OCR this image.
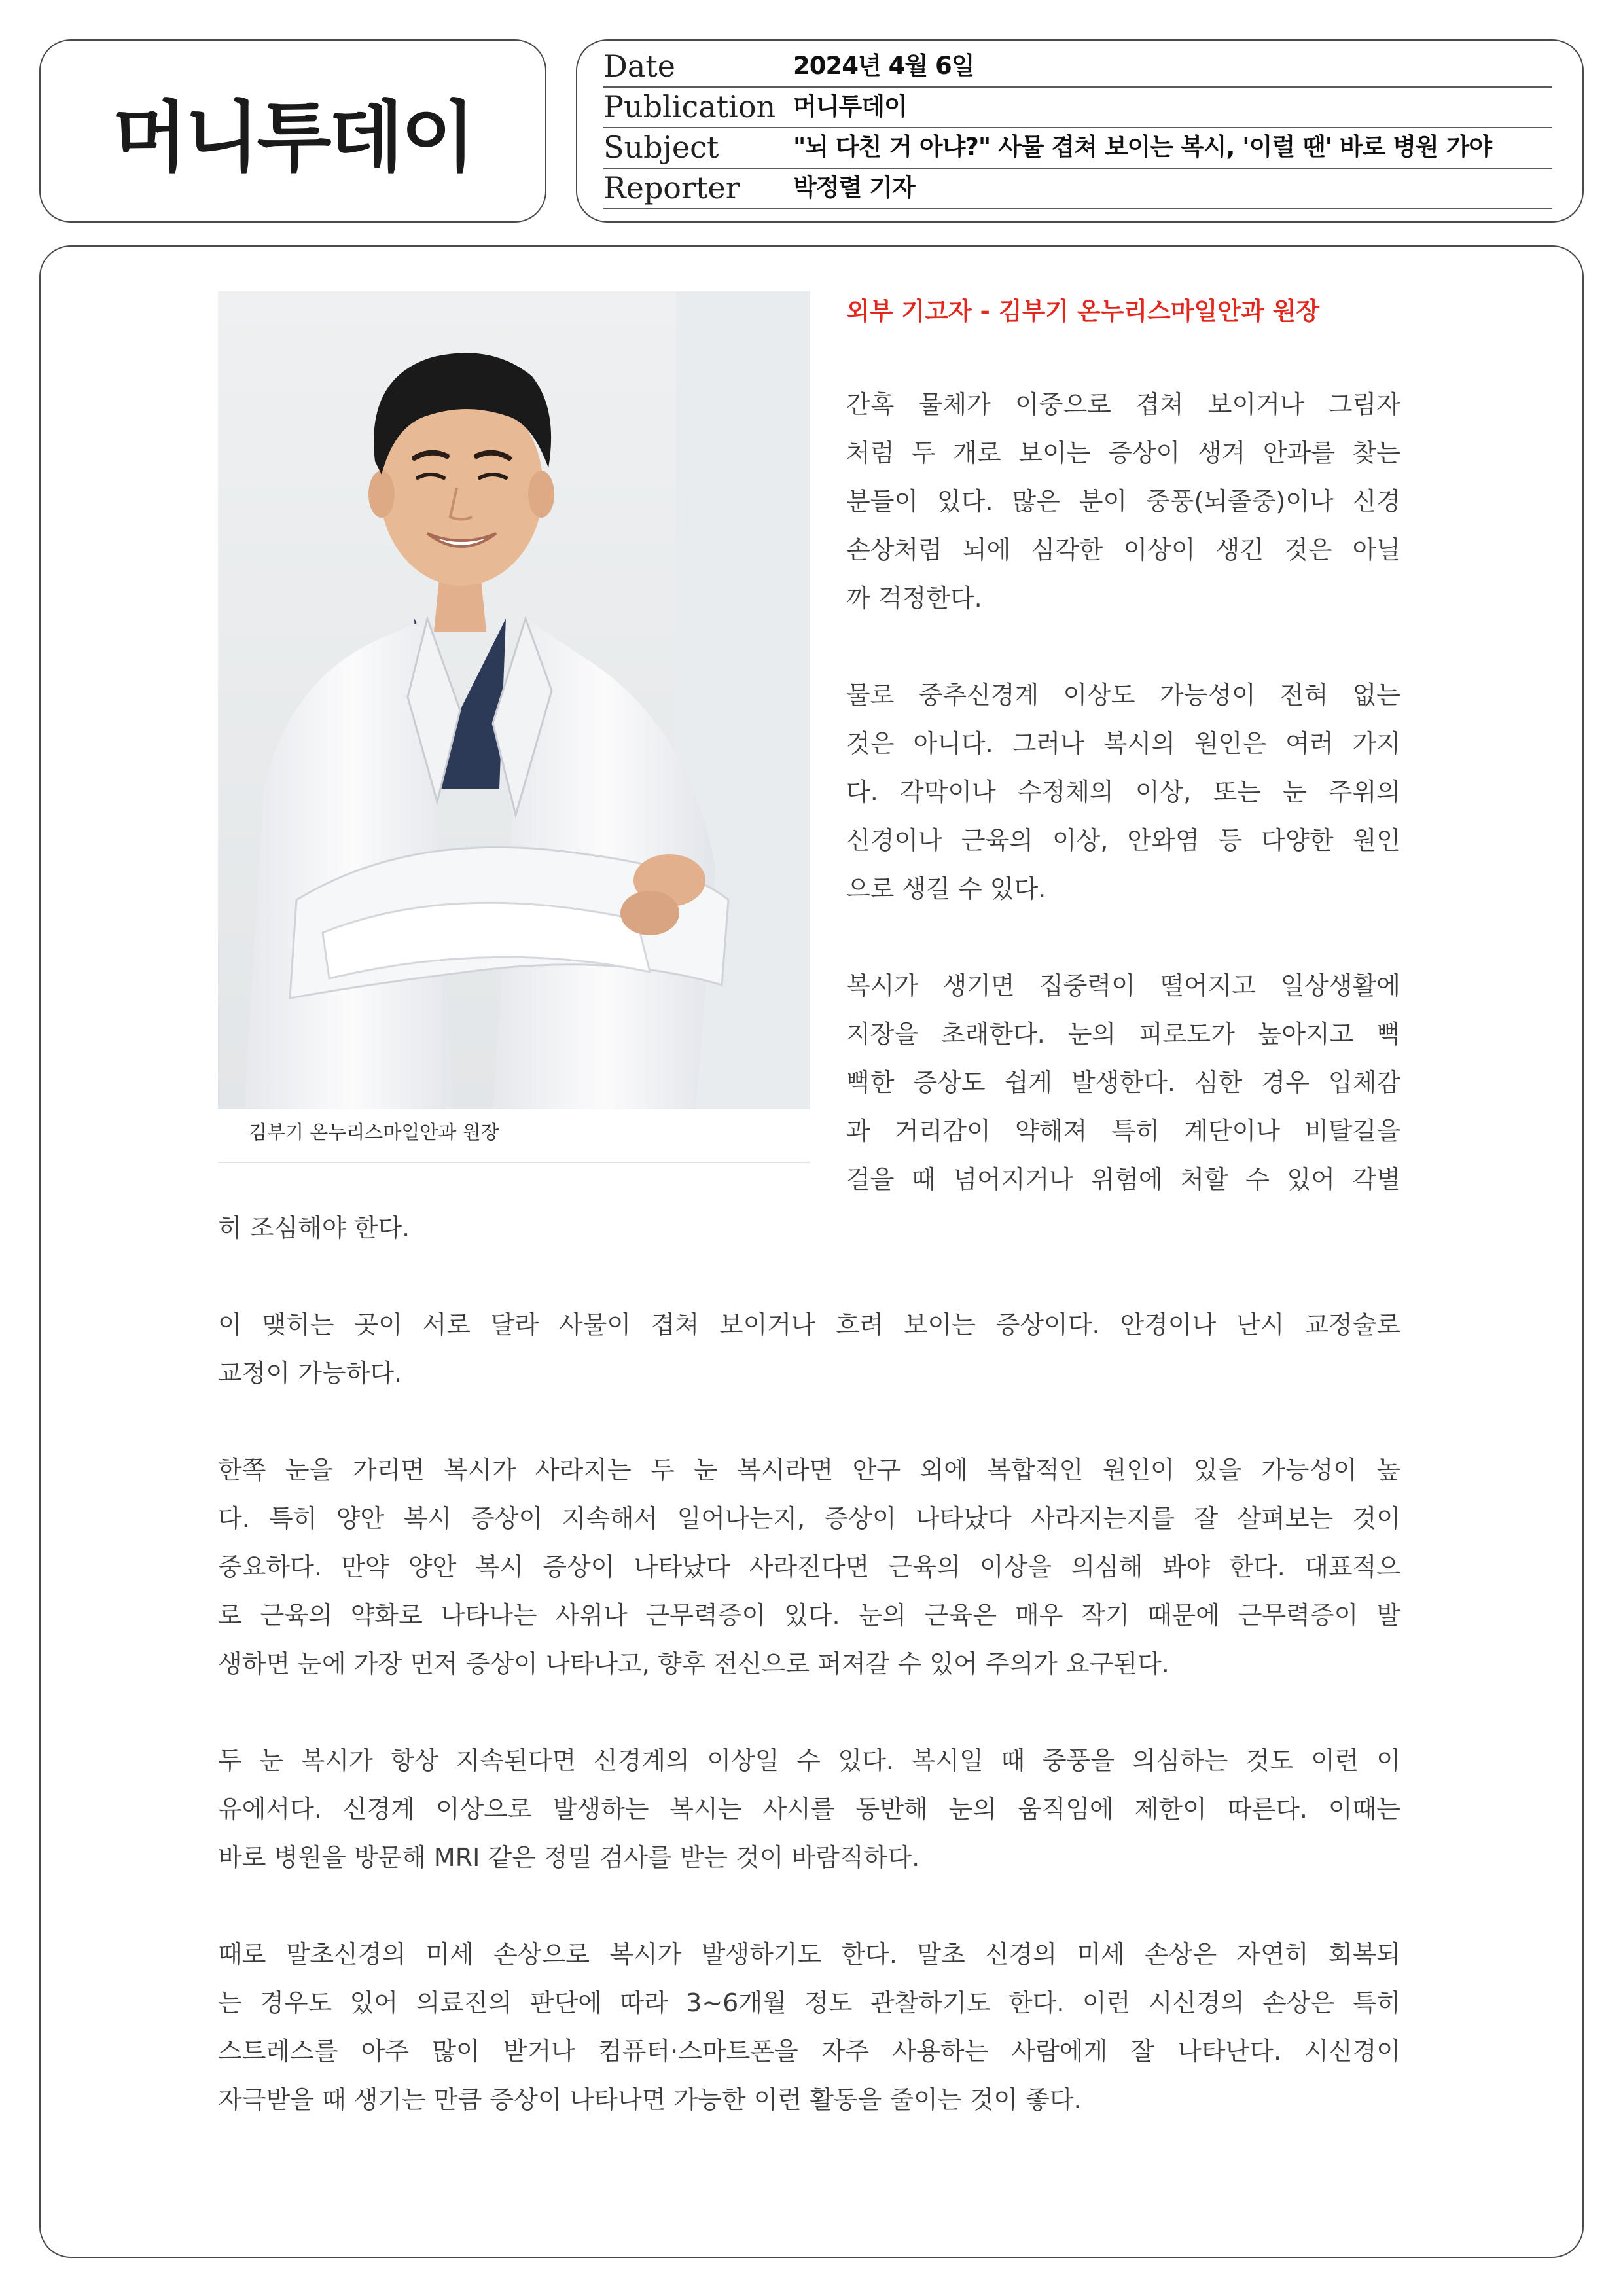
머니투데이
Date	2024년 4월 6일
Publication 머니투데이
Subject	"뇌 다친 거 아냐?" 사물 겹쳐 보이는 복시, '이럴 땐' 바로 병원 가야
Reporter 박정렬 기자
김부기 온누리스마일안과 원장
외부 기고자 - 김부기 온누리스마일안과 원장

간혹 물체가 이중으로 겹쳐 보이거나 그림자

처럼 두 개로 보이는 증상이 생겨 안과를 찾는

분들이 있다. 많은 분이 중풍(뇌졸중)이나 신경

손상처럼 뇌에 심각한 이상이 생긴 것은 아닐

까 걱정한다.

물로 중추신경계 이상도 가능성이 전혀 없는

것은 아니다. 그러나 복시의 원인은 여러 가지

다. 각막이나 수정체의 이상, 또는 눈 주위의

신경이나 근육의 이상, 안와염 등 다양한 원인

으로 생길 수 있다.

복시가 생기면 집중력이 떨어지고 일상생활에

지장을 초래한다. 눈의 피로도가 높아지고 뻑

뻑한 증상도 쉽게 발생한다. 심한 경우 입체감

과 거리감이 약해져 특히 계단이나 비탈길을

걸을 때 넘어지거나 위험에 처할 수 있어 각별

히 조심해야 한다.

이 맺히는 곳이 서로 달라 사물이 겹쳐 보이거나 흐려 보이는 증상이다. 안경이나 난시 교정술로

교정이 가능하다.

한쪽 눈을 가리면 복시가 사라지는 두 눈 복시라면 안구 외에 복합적인 원인이 있을 가능성이 높

다. 특히 양안 복시 증상이 지속해서 일어나는지, 증상이 나타났다 사라지는지를 잘 살펴보는 것이

중요하다. 만약 양안 복시 증상이 나타났다 사라진다면 근육의 이상을 의심해 봐야 한다. 대표적으

로 근육의 약화로 나타나는 사위나 근무력증이 있다. 눈의 근육은 매우 작기 때문에 근무력증이 발

생하면 눈에 가장 먼저 증상이 나타나고, 향후 전신으로 퍼져갈 수 있어 주의가 요구된다.

두 눈 복시가 항상 지속된다면 신경계의 이상일 수 있다. 복시일 때 중풍을 의심하는 것도 이런 이

유에서다. 신경계 이상으로 발생하는 복시는 사시를 동반해 눈의 움직임에 제한이 따른다. 이때는

바로 병원을 방문해 MRI 같은 정밀 검사를 받는 것이 바람직하다.

때로 말초신경의 미세 손상으로 복시가 발생하기도 한다. 말초 신경의 미세 손상은 자연히 회복되

는 경우도 있어 의료진의 판단에 따라 3~6개월 정도 관찰하기도 한다. 이런 시신경의 손상은 특히

스트레스를 아주 많이 받거나 컴퓨터·스마트폰을 자주 사용하는 사람에게 잘 나타난다. 시신경이

자극받을 때 생기는 만큼 증상이 나타나면 가능한 이런 활동을 줄이는 것이 좋다.
